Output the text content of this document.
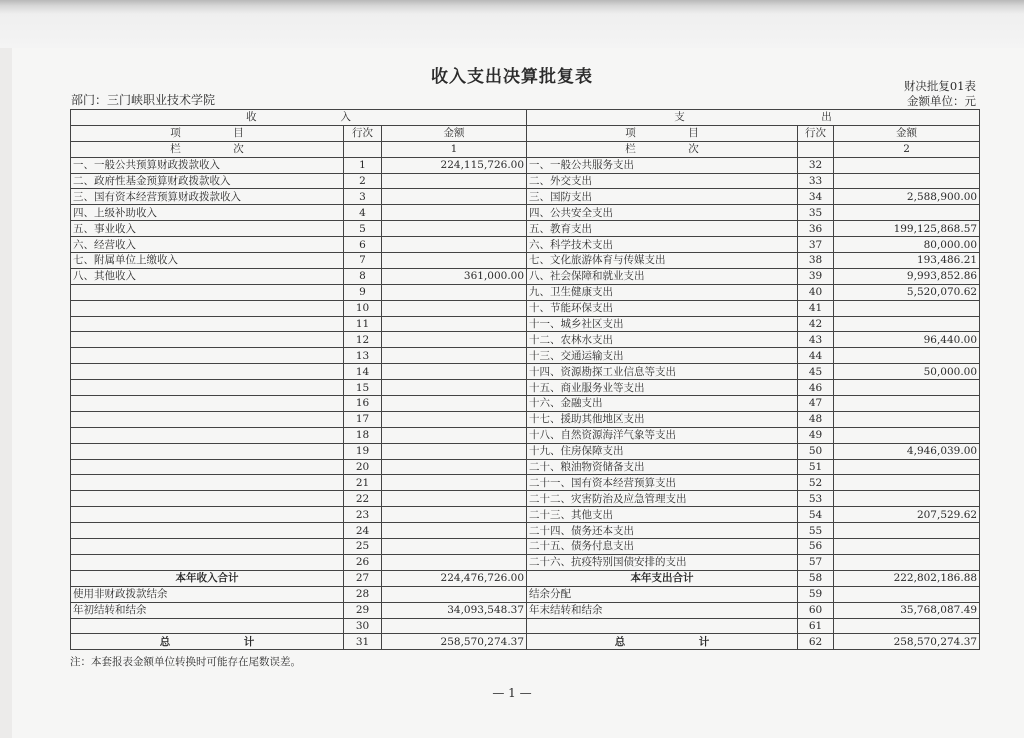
收入支出决算批复表
部门：三门峡职业技术学院
财决批复01表
金额单位：元
收　　　　　　　　入			支　　　　　　　　　　　　　出		
项　　　　　目	行次	金额	项　　　　　目	行次	金额
栏　　　　　次		1	栏　　　　　次		2
一、一般公共预算财政拨款收入	1	224,115,726.00	一、一般公共服务支出	32	
二、政府性基金预算财政拨款收入	2		二、外交支出	33	
三、国有资本经营预算财政拨款收入	3		三、国防支出	34	2,588,900.00
四、上级补助收入	4		四、公共安全支出	35	
五、事业收入	5		五、教育支出	36	199,125,868.57
六、经营收入	6		六、科学技术支出	37	80,000.00
七、附属单位上缴收入	7		七、文化旅游体育与传媒支出	38	193,486.21
八、其他收入	8	361,000.00	八、社会保障和就业支出	39	9,993,852.86
	9		九、卫生健康支出	40	5,520,070.62
	10		十、节能环保支出	41	
	11		十一、城乡社区支出	42	
	12		十二、农林水支出	43	96,440.00
	13		十三、交通运输支出	44	
	14		十四、资源勘探工业信息等支出	45	50,000.00
	15		十五、商业服务业等支出	46	
	16		十六、金融支出	47	
	17		十七、援助其他地区支出	48	
	18		十八、自然资源海洋气象等支出	49	
	19		十九、住房保障支出	50	4,946,039.00
	20		二十、粮油物资储备支出	51	
	21		二十一、国有资本经营预算支出	52	
	22		二十二、灾害防治及应急管理支出	53	
	23		二十三、其他支出	54	207,529.62
	24		二十四、债务还本支出	55	
	25		二十五、债务付息支出	56	
	26		二十六、抗疫特别国债安排的支出	57	
本年收入合计	27	224,476,726.00	本年支出合计	58	222,802,186.88
使用非财政拨款结余	28		结余分配	59	
年初结转和结余	29	34,093,548.37	年末结转和结余	60	35,768,087.49
	30			61	
总　　　　　　　计	31	258,570,274.37	总　　　　　　　计	62	258,570,274.37
注：本套报表金额单位转换时可能存在尾数误差。
— 1 —
